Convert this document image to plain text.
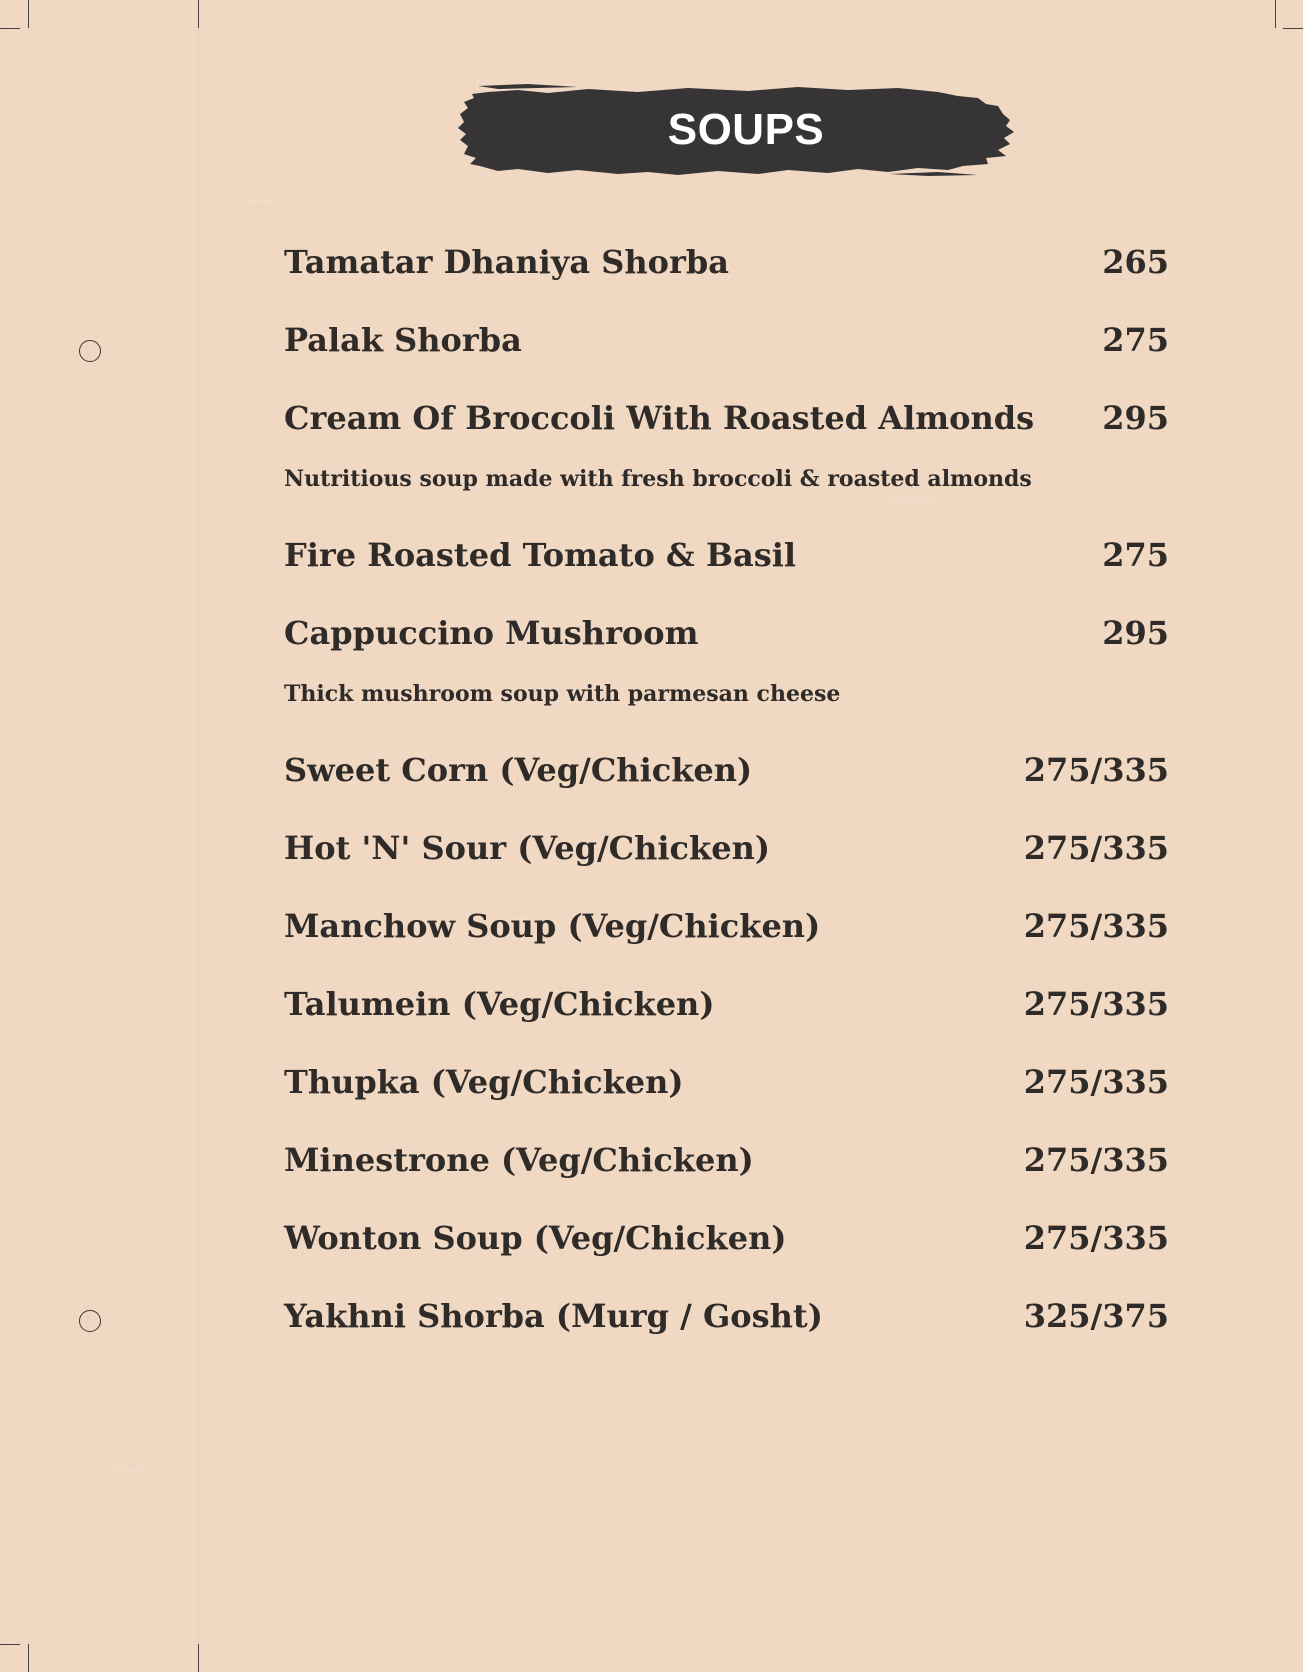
SOUPS
Tamatar Dhaniya Shorba	265
Palak Shorba	275
Cream Of Broccoli With Roasted Almonds 295
Nutritious soup made with fresh broccoli & roasted almonds
Fire Roasted Tomato & Basil	275
Cappuccino Mushroom	295
Thick mushroom soup with parmesan cheese
Sweet Corn (Veg/Chicken)	275/335
Hot 'N' Sour (Veg/Chicken)	275/335
Manchow Soup (Veg/Chicken)	275/335
Talumein (Veg/Chicken)	275/335
Thupka (Veg/Chicken)	275/335
Minestrone (Veg/Chicken)	275/335
Wonton Soup (Veg/Chicken)	275/335
Yakhni Shorba (Murg / Gosht)	325/375
